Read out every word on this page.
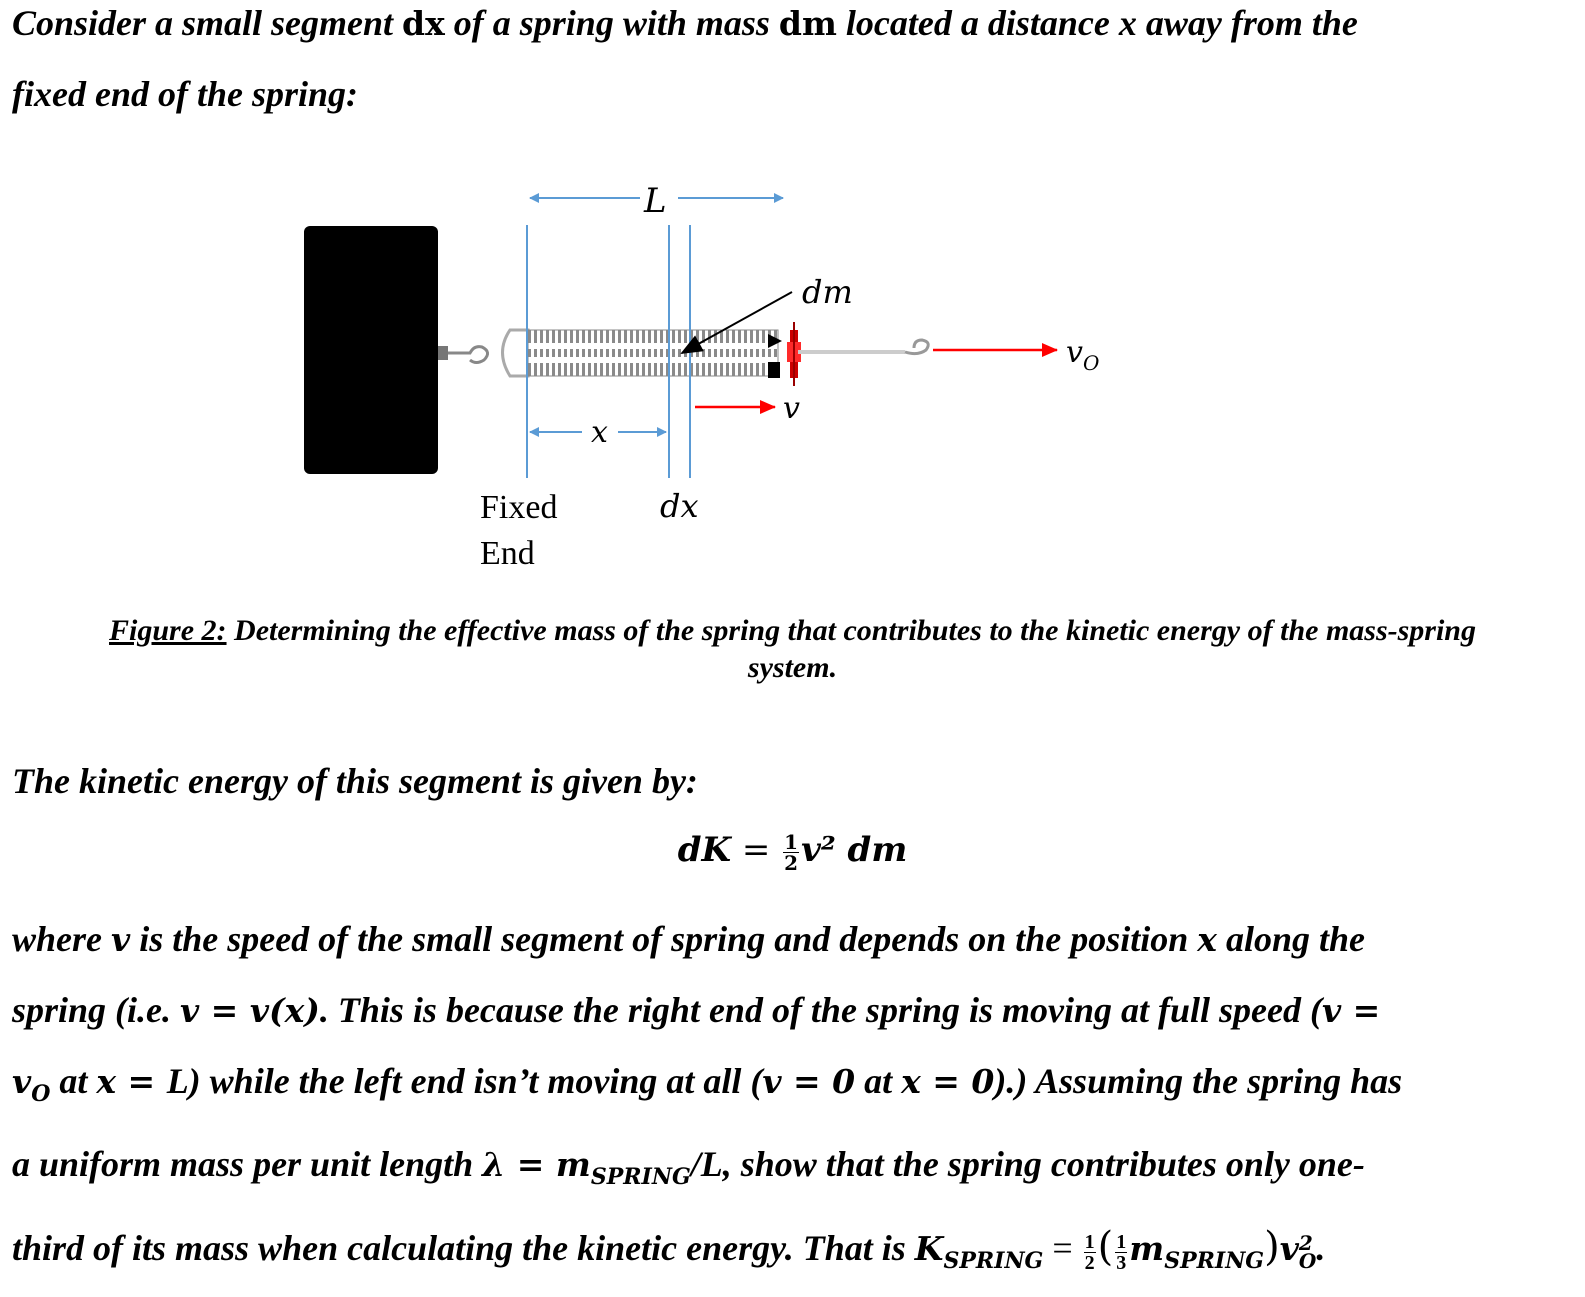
Consider a small segment dx of a spring with mass dm located a distance x away from the
fixed end of the spring:
L
dm
v
$v_O$
x
Fixed
End
dx
Figure 2: Determining the effective mass of the spring that contributes to the kinetic energy of the mass-spring
system.
The kinetic energy of this segment is given by:
dK = $\frac{1}{2} v^2$ dm
where v is the speed of the small segment of spring and depends on the position x along the
spring (i.e. v = v(x). This is because the right end of the spring is moving at full speed (v =
$v_O$ at x = L) while the left end isn’t moving at all (v = 0 at x = 0).) Assuming the spring has
a uniform mass per unit length $\lambda = m_{SPRING}/L$, show that the spring contributes only one-
third of its mass when calculating the kinetic energy. That is $K_{SPRING} = \frac{1}{2}$ ( $\frac{1}{3} m_{SPRING})v$ 2
O .
